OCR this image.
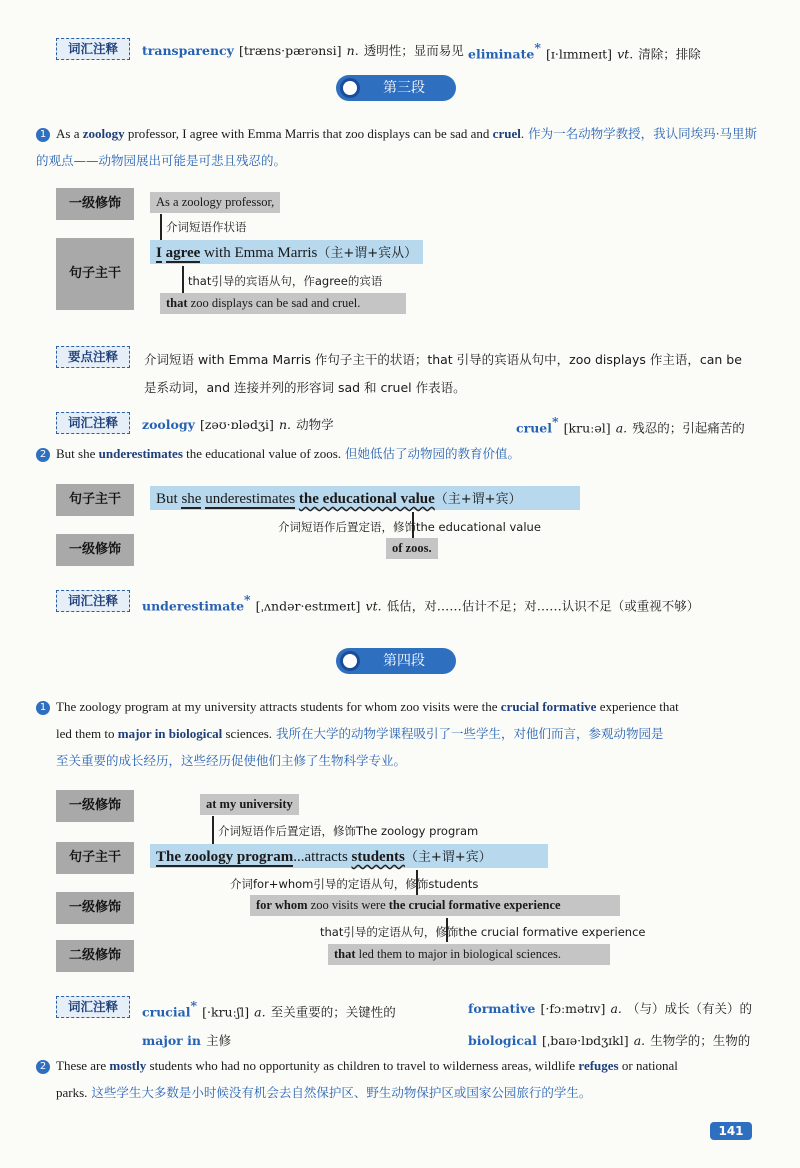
词汇注释	transparency [træns·pærənsi] n. 透明性；显而易见 eliminate* [ɪ·lɪmɪneɪt] vt. 清除；排除
第三段
1 As a zoology professor, I agree with Emma Marris that zoo displays can be sad and cruel. 作为一名动物学教授，我认同埃玛·马里斯的观点——动物园展出可能是可悲且残忍的。
一级修饰
句子主干
As a zoology professor,
介词短语作状语
I agree with Emma Marris（主+谓+宾从）
that引导的宾语从句，作agree的宾语
that zoo displays can be sad and cruel.
要点注释	介词短语 with Emma Marris 作句子主干的状语；that 引导的宾语从句中，zoo displays 作主语，can be
是系动词，and 连接并列的形容词 sad 和 cruel 作表语。
词汇注释	zoology [zəʊ·ɒlədʒi] n. 动物学	cruel* [kruːəl] a. 残忍的；引起痛苦的
2 But she underestimates the educational value of zoos. 但她低估了动物园的教育价值。
句子主干
一级修饰
But she underestimates the educational value（主+谓+宾）
介词短语作后置定语，修饰the educational value
of zoos.
词汇注释	underestimate* [ˌʌndər·estɪmeɪt] vt. 低估，对……估计不足；对……认识不足（或重视不够）
第四段
1 The zoology program at my university attracts students for whom zoo visits were the crucial formative experience that
led them to major in biological sciences. 我所在大学的动物学课程吸引了一些学生，对他们而言，参观动物园是
至关重要的成长经历，这些经历促使他们主修了生物科学专业。
一级修饰
句子主干
一级修饰
二级修饰
at my university
介词短语作后置定语，修饰The zoology program
The zoology program...attracts students（主+谓+宾）
介词for+whom引导的定语从句，修饰students
for whom zoo visits were the crucial formative experience
that引导的定语从句，修饰the crucial formative experience
that led them to major in biological sciences.
词汇注释	crucial* [·kruːʃl] a. 至关重要的；关键性的	formative [·fɔːmətɪv] a. （与）成长（有关）的
major in 主修	biological [ˌbaɪə·lɒdʒɪkl] a. 生物学的；生物的
2 These are mostly students who had no opportunity as children to travel to wilderness areas, wildlife refuges or national
parks. 这些学生大多数是小时候没有机会去自然保护区、野生动物保护区或国家公园旅行的学生。
141
